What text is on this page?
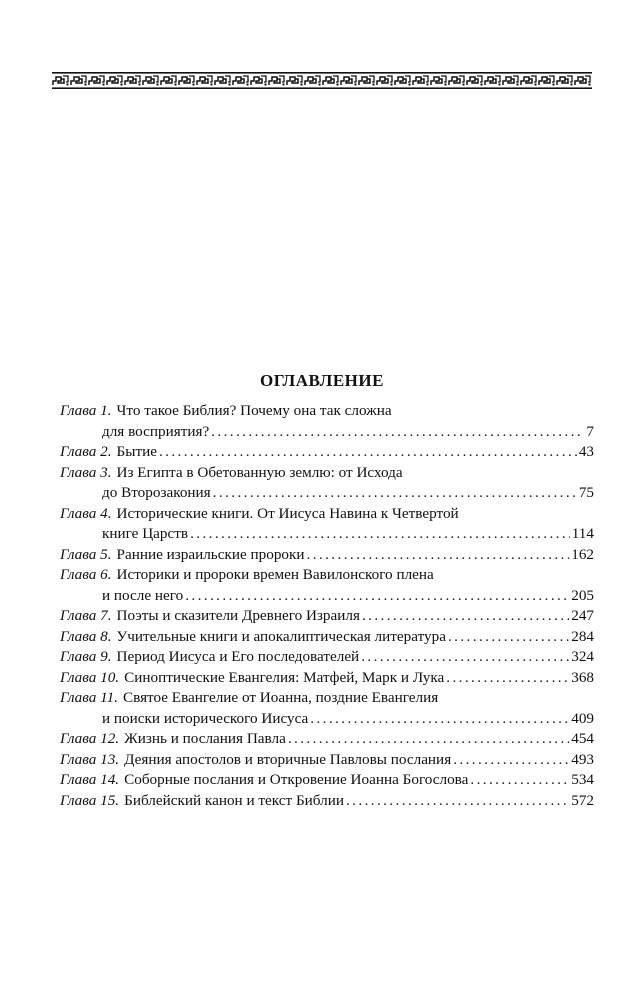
ОГЛАВЛЕНИЕ
Глава 1. Что такое Библия? Почему она так сложна
для восприятия? .....	7
Глава 2. Бытие .....	43
Глава 3. Из Египта в Обетованную землю: от Исхода
до Второзакония .....	75
Глава 4. Исторические книги. От Иисуса Навина к Четвертой
книге Царств .....	114
Глава 5. Ранние израильские пророки .....	162
Глава 6. Историки и пророки времен Вавилонского плена
и после него .....	205
Глава 7. Поэты и сказители Древнего Израиля .....	247
Глава 8. Учительные книги и апокалиптическая литература .....	284
Глава 9. Период Иисуса и Его последователей .....	324
Глава 10. Синоптические Евангелия: Матфей, Марк и Лука .....	368
Глава 11. Святое Евангелие от Иоанна, поздние Евангелия
и поиски исторического Иисуса .....	409
Глава 12. Жизнь и послания Павла .....	454
Глава 13. Деяния апостолов и вторичные Павловы послания .....	493
Глава 14. Соборные послания и Откровение Иоанна Богослова .....	534
Глава 15. Библейский канон и текст Библии .....	572
